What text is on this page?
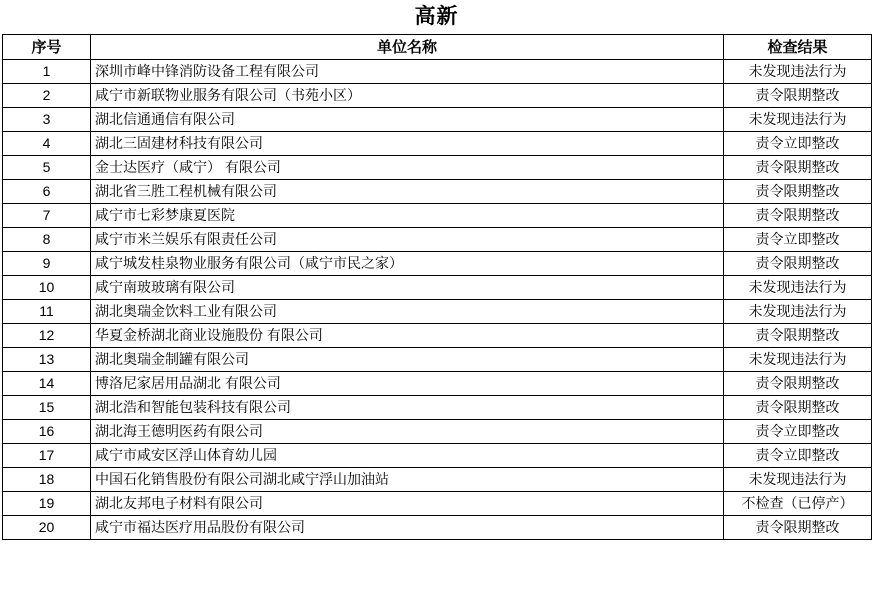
高新
序号	单位名称	检查结果
1	深圳市峰中锋消防设备工程有限公司	未发现违法行为
2	咸宁市新联物业服务有限公司（书苑小区）	责令限期整改
3	湖北信通通信有限公司	未发现违法行为
4	湖北三固建材科技有限公司	责令立即整改
5	金士达医疗（咸宁） 有限公司	责令限期整改
6	湖北省三胜工程机械有限公司	责令限期整改
7	咸宁市七彩梦康夏医院	责令限期整改
8	咸宁市米兰娱乐有限责任公司	责令立即整改
9	咸宁城发桂泉物业服务有限公司（咸宁市民之家）	责令限期整改
10	咸宁南玻玻璃有限公司	未发现违法行为
11	湖北奥瑞金饮料工业有限公司	未发现违法行为
12	华夏金桥湖北商业设施股份 有限公司	责令限期整改
13	湖北奥瑞金制罐有限公司	未发现违法行为
14	博洛尼家居用品湖北 有限公司	责令限期整改
15	湖北浩和智能包装科技有限公司	责令限期整改
16	湖北海王德明医药有限公司	责令立即整改
17	咸宁市咸安区浮山体育幼儿园	责令立即整改
18	中国石化销售股份有限公司湖北咸宁浮山加油站	未发现违法行为
19	湖北友邦电子材料有限公司	不检查（已停产）
20	咸宁市福达医疗用品股份有限公司	责令限期整改
